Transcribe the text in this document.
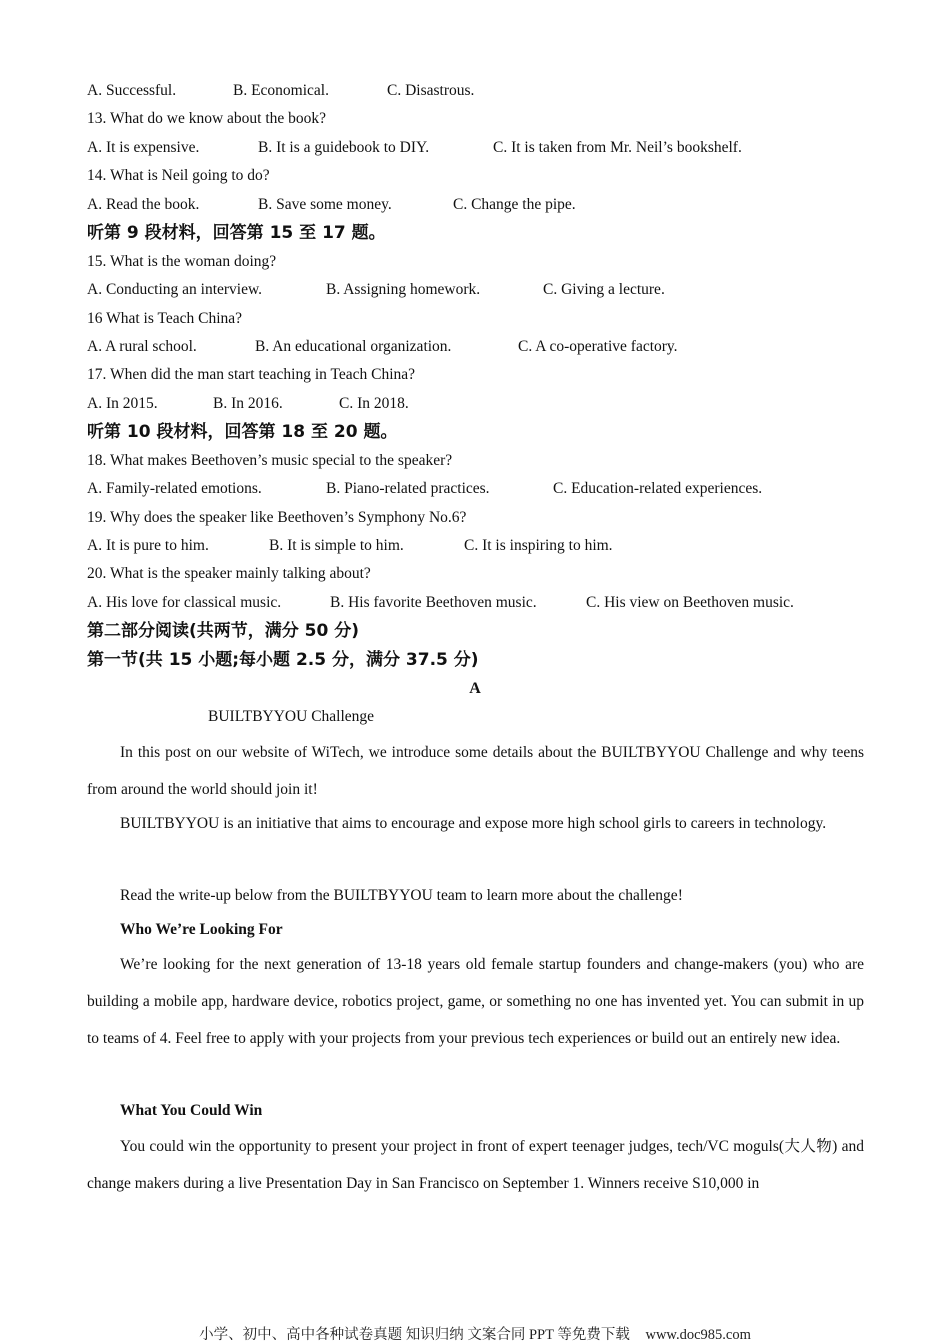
A. Successful.	B. Economical.	C. Disastrous.
13. What do we know about the book?
A. It is expensive.	B. It is a guidebook to DIY.	C. It is taken from Mr. Neil’s bookshelf.
14. What is Neil going to do?
A. Read the book.	B. Save some money.	C. Change the pipe.
听第 9 段材料，回答第 15 至 17 题。
15. What is the woman doing?
A. Conducting an interview.	B. Assigning homework.	C. Giving a lecture.
16 What is Teach China?
A. A rural school.	B. An educational organization.	C. A co-operative factory.
17. When did the man start teaching in Teach China?
A. In 2015.	B. In 2016.	C. In 2018.
听第 10 段材料，回答第 18 至 20 题。
18. What makes Beethoven’s music special to the speaker?
A. Family-related emotions.	B. Piano-related practices.	C. Education-related experiences.
19. Why does the speaker like Beethoven’s Symphony No.6?
A. It is pure to him.	B. It is simple to him.	C. It is inspiring to him.
20. What is the speaker mainly talking about?
A. His love for classical music.	B. His favorite Beethoven music.	C. His view on Beethoven music.
第二部分阅读(共两节，满分 50 分)
第一节(共 15 小题;每小题 2.5 分，满分 37.5 分)
A
BUILTBYYOU Challenge
In this post on our website of WiTech, we introduce some details about the BUILTBYYOU Challenge and why teens from around the world should join it!
BUILTBYYOU is an initiative that aims to encourage and expose more high school girls to careers in technology.
Read the write-up below from the BUILTBYYOU team to learn more about the challenge!
Who We’re Looking For
We’re looking for the next generation of 13-18 years old female startup founders and change-makers (you) who are building a mobile app, hardware device, robotics project, game, or something no one has invented yet. You can submit in up to teams of 4. Feel free to apply with your projects from your previous tech experiences or build out an entirely new idea.
What You Could Win
You could win the opportunity to present your project in front of expert teenager judges, tech/VC moguls(大人物) and change makers during a live Presentation Day in San Francisco on September 1. Winners receive S10,000 in
小学、初中、高中各种试卷真题 知识归纳 文案合同 PPT 等免费下载 www.doc985.com
